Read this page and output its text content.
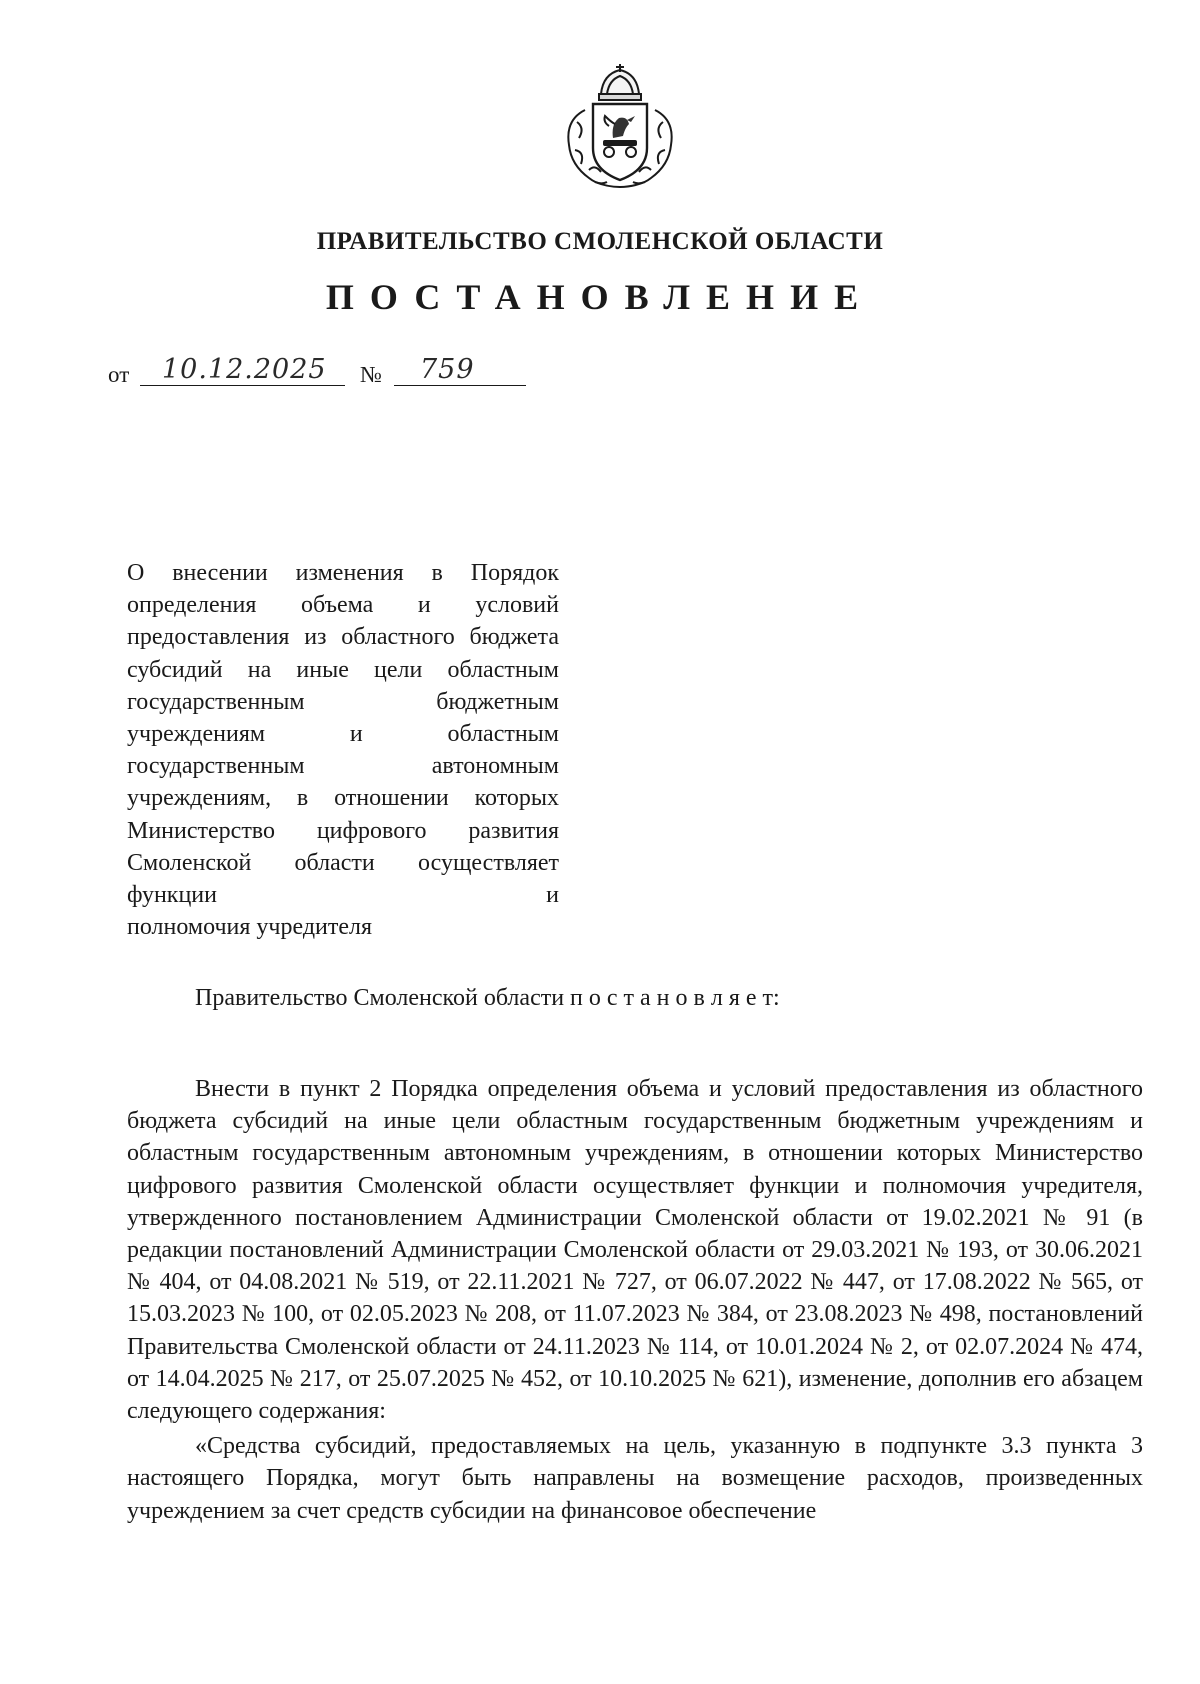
ПРАВИТЕЛЬСТВО СМОЛЕНСКОЙ ОБЛАСТИ
ПОСТАНОВЛЕНИЕ
от	10.12.2025	№	759
О внесении изменения в Порядок определения объема и условий предоставления из областного бюджета субсидий на иные цели областным государственным бюджетным учреждениям и областным государственным автономным учреждениям, в отношении которых Министерство цифрового развития Смоленской области осуществляет функции и
полномочия учредителя
Правительство Смоленской области п о с т а н о в л я е т:

Внести в пункт 2 Порядка определения объема и условий предоставления из областного бюджета субсидий на иные цели областным государственным бюджетным учреждениям и областным государственным автономным учреждениям, в отношении которых Министерство цифрового развития Смоленской области осуществляет функции и полномочия учредителя, утвержденного постановлением Администрации Смоленской области от 19.02.2021 № 91 (в редакции постановлений Администрации Смоленской области от 29.03.2021 № 193, от 30.06.2021 № 404, от 04.08.2021 № 519, от 22.11.2021 № 727, от 06.07.2022 № 447, от 17.08.2022 № 565, от 15.03.2023 № 100, от 02.05.2023 № 208, от 11.07.2023 № 384, от 23.08.2023 № 498, постановлений Правительства Смоленской области от 24.11.2023 № 114, от 10.01.2024 № 2, от 02.07.2024 № 474, от 14.04.2025 № 217, от 25.07.2025 № 452, от 10.10.2025 № 621), изменение, дополнив его абзацем следующего содержания:

«Средства субсидий, предоставляемых на цель, указанную в подпункте 3.3 пункта 3 настоящего Порядка, могут быть направлены на возмещение расходов, произведенных учреждением за счет средств субсидии на финансовое обеспечение
